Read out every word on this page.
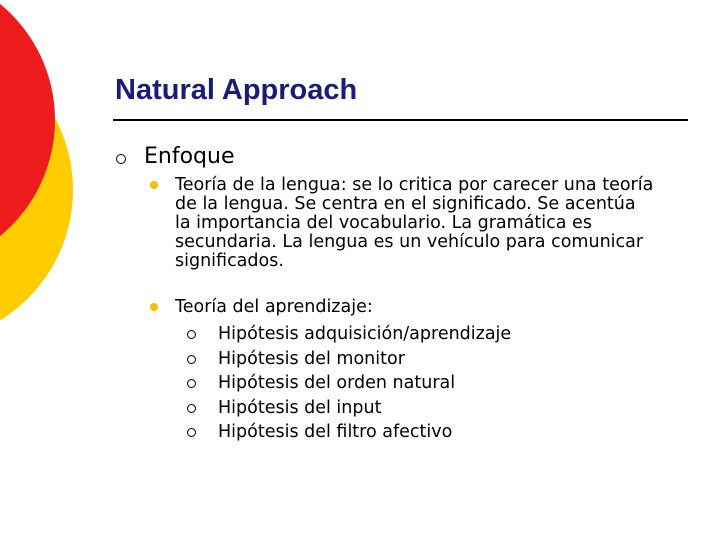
Natural Approach
Enfoque
Teoría de la lengua: se lo critica por carecer una teoría de la lengua. Se centra en el significado. Se acentúa la importancia del vocabulario. La gramática es secundaria. La lengua es un vehículo para comunicar significados.
Teoría del aprendizaje:
Hipótesis adquisición/aprendizaje
Hipótesis del monitor
Hipótesis del orden natural
Hipótesis del input
Hipótesis del filtro afectivo
